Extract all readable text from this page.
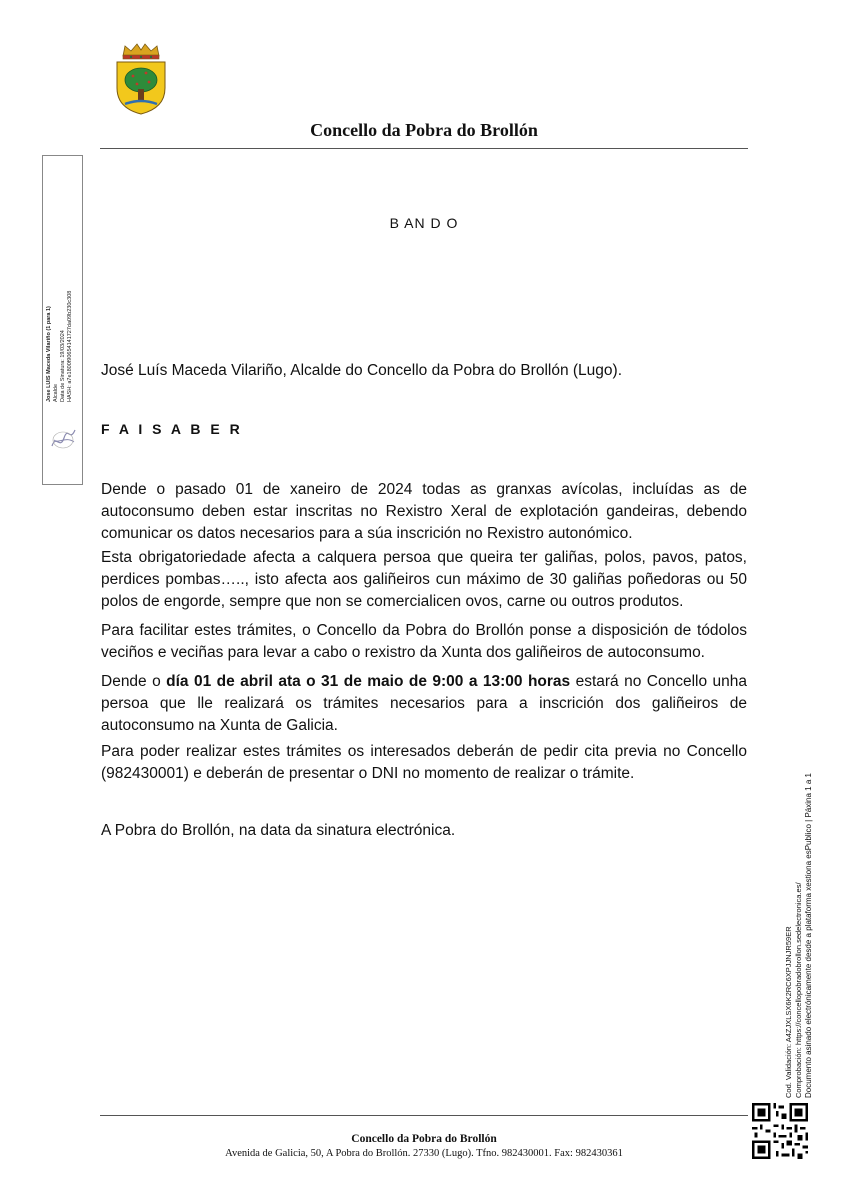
Concello da Pobra do Brollón
Jose LUIS Maceda Vilariño (1 para 1) Alcalde Data de Sinatura: 19/03/2024 HASH: a7e1800f90654141727da09b230c308
B AN D O
José Luís Maceda Vilariño, Alcalde do Concello da Pobra do Brollón (Lugo).
F A I S A B E R
Dende o pasado 01 de xaneiro de 2024 todas as granxas avícolas, incluídas as de autoconsumo deben estar inscritas no Rexistro Xeral de explotación gandeiras, debendo comunicar os datos necesarios para a súa inscrición no Rexistro autonómico.
Esta obrigatoriedade afecta a calquera persoa que queira ter galiñas, polos, pavos, patos, perdices pombas….., isto afecta aos galiñeiros cun máximo de 30 galiñas poñedoras ou 50 polos de engorde, sempre que non se comercialicen ovos, carne ou outros produtos.
Para facilitar estes trámites, o Concello da Pobra do Brollón ponse a disposición de tódolos veciños e veciñas para levar a cabo o rexistro da Xunta dos galiñeiros de autoconsumo.
Dende o día 01 de abril ata o 31 de maio de 9:00 a 13:00 horas estará no Concello unha persoa que lle realizará os trámites necesarios para a inscrición dos galiñeiros de autoconsumo na Xunta de Galicia.
Para poder realizar estes trámites os interesados deberán de pedir cita previa no Concello (982430001) e deberán de presentar o DNI no momento de realizar o trámite.
A Pobra do Brollón, na data da sinatura electrónica.
Cod. Validación: A4ZJXLSX6K2RC6XPJJNJR59ER Comprobación: https://concellopobradobrollon.sedelectronica.es/ Documento asinado electrónicamente desde a plataforma xestiona esPublico | Páxina 1 a 1
Concello da Pobra do Brollón
Avenida de Galicia, 50, A Pobra do Brollón. 27330 (Lugo). Tfno. 982430001. Fax: 982430361
